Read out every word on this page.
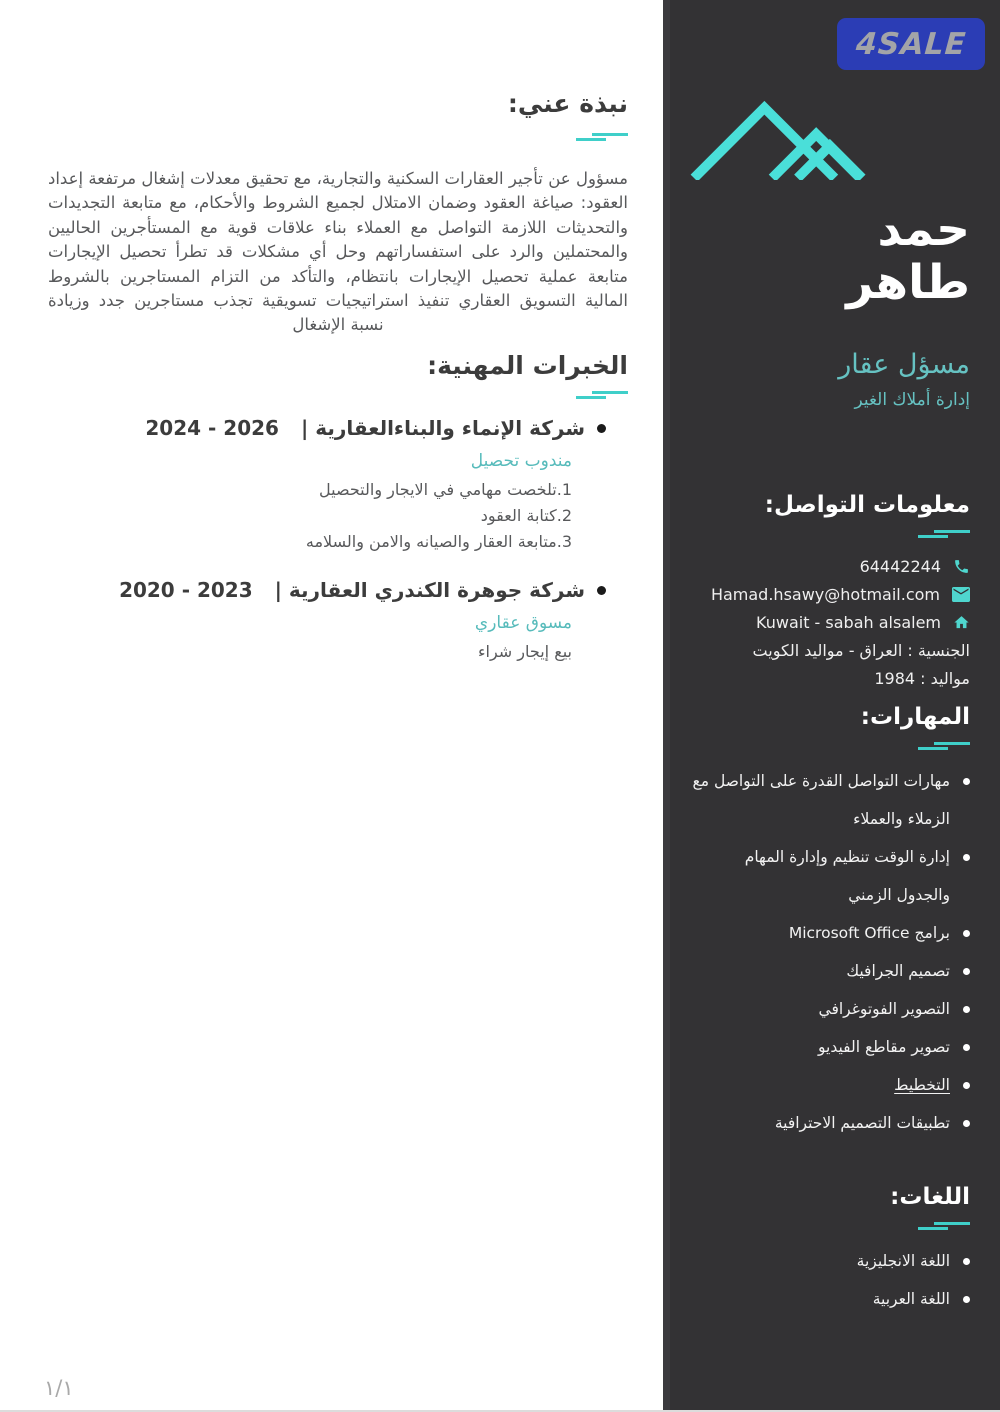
نبذة عني:

مسؤول عن تأجير العقارات السكنية والتجارية، مع تحقيق معدلات إشغال مرتفعة إعداد العقود: صياغة العقود وضمان الامتلال لجميع الشروط والأحكام، مع متابعة التجديدات والتحديثات اللازمة التواصل مع العملاء بناء علاقات قوية مع المستأجرين الحاليين والمحتملين والرد على استفساراتهم وحل أي مشكلات قد تطرأ تحصيل الإيجارات متابعة عملية تحصيل الإيجارات بانتظام، والتأكد من التزام المستاجرين بالشروط المالية التسويق العقاري تنفيذ استراتيجيات تسويقية تجذب مستاجرين جدد وزيادة نسبة الإشغال

الخبرات المهنية:
شركة الإنماء والبناءالعقارية |
2024 - 2026
مندوب تحصيل
1.تلخصت مهامي في الايجار والتحصيل
2.كتابة العقود
3.متابعة العقار والصيانه والامن والسلامه
شركة جوهرة الكندري العقارية |
2020 - 2023
مسوق عقاري
بيع إيجار شراء
١/١
4SALE
حمد
طاهر
مسؤل عقار
إدارة أملاك الغير
معلومات التواصل:
64442244
Hamad.hsawy@hotmail.com
Kuwait - sabah alsalem
الجنسية : العراق - مواليد الكويت
مواليد : 1984
المهارات:
مهارات التواصل القدرة على التواصل مع الزملاء والعملاء
إدارة الوقت تنظيم وإدارة المهام والجدول الزمني
برامج Microsoft Office
تصميم الجرافيك
التصوير الفوتوغرافي
تصوير مقاطع الفيديو
التخطيط
تطبيقات التصميم الاحترافية
اللغات:
اللغة الانجليزية
اللغة العربية
